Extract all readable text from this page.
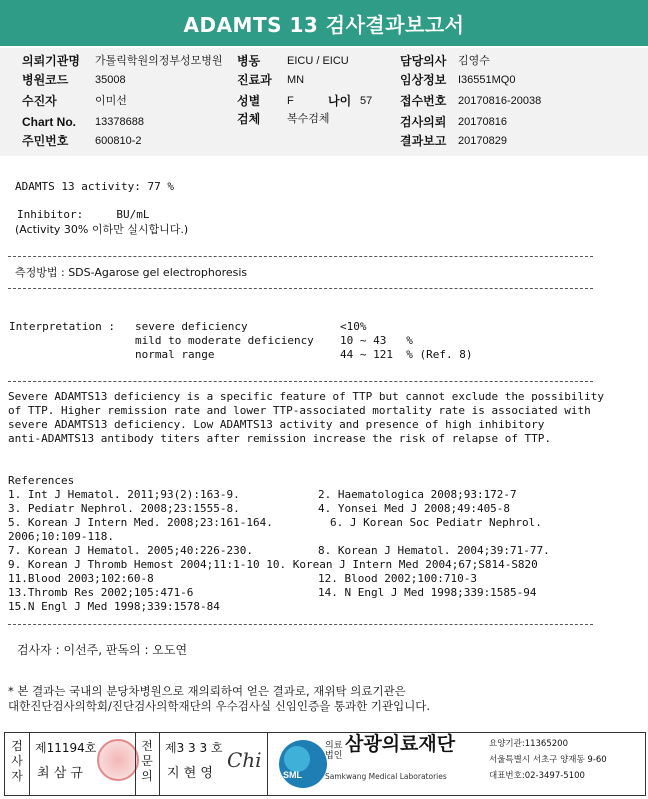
ADAMTS 13 검사결과보고서
의뢰기관명 가톨릭학원의정부성모병원 병동 EICU / EICU	담당의사 김영수
병원코드 35008	진료과 MN	임상정보 I36551MQ0
수진자	이미선	성별 F	나이 57 접수번호 20170816-20038
Chart No. 13378688	검체 복수검체	검사의뢰 20170816
주민번호 600810-2	결과보고 20170829
ADAMTS 13 activity: 77 %
Inhibitor:     BU/mL
(Activity 30% 이하만 실시합니다.)
측정방법 : SDS-Agarose gel electrophoresis
Interpretation : severe deficiency	<10%
mild to moderate deficiency 10 ~ 43   %
normal range	44 ~ 121  % (Ref. 8)
Severe ADAMTS13 deficiency is a specific feature of TTP but cannot exclude the possibility
of TTP. Higher remission rate and lower TTP-associated mortality rate is associated with
severe ADAMTS13 deficiency. Low ADAMTS13 activity and presence of high inhibitory
anti-ADAMTS13 antibody titers after remission increase the risk of relapse of TTP.
References
1. Int J Hematol. 2011;93(2):163-9.	2. Haematologica 2008;93:172-7
3. Pediatr Nephrol. 2008;23:1555-8.	4. Yonsei Med J 2008;49:405-8
5. Korean J Intern Med. 2008;23:161-164.	6. J Korean Soc Pediatr Nephrol.
2006;10:109-118.
7. Korean J Hematol. 2005;40:226-230.	8. Korean J Hematol. 2004;39:71-77.
9. Korean J Thromb Hemost 2004;11:1-10 10. Korean J Intern Med 2004;67;S814-S820
11.Blood 2003;102:60-8	12. Blood 2002;100:710-3
13.Thromb Res 2002;105:471-6	14. N Engl J Med 1998;339:1585-94
15.N Engl J Med 1998;339:1578-84
검사자 : 이선주, 판독의 : 오도연
* 본 결과는 국내의 분당차병원으로 재의뢰하여 얻은 결과로, 재위탁 의료기관은
대한진단검사의학회/진단검사의학재단의 우수검사실 신임인증을 통과한 기관입니다.
검사자
제11194호
최 삼 규
전문의
제3 3 3 호
지 현 영
Chi
SML
의료법인
삼광의료재단
Samkwang Medical Laboratories
요양기관:11365200
서울특별시 서초구 양재동 9-60
대표번호:02-3497-5100
